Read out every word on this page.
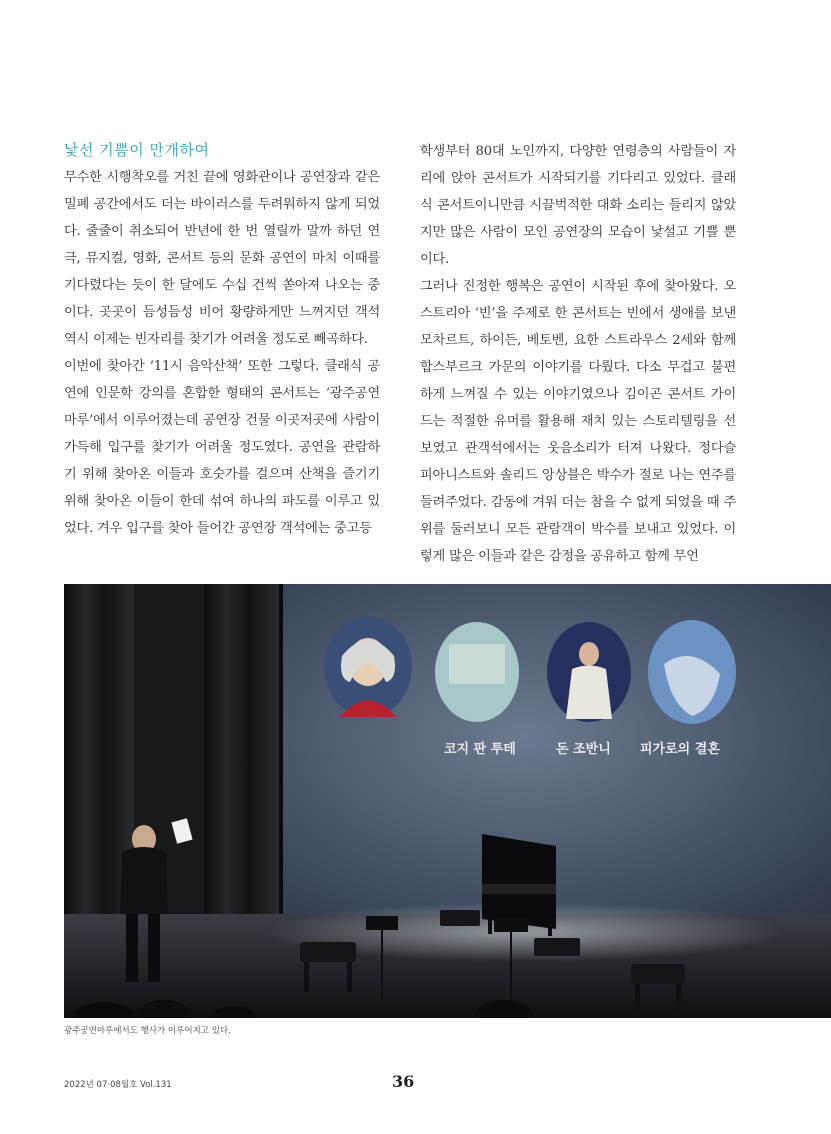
낯선 기쁨이 만개하여

무수한 시행착오를 거친 끝에 영화관이나 공연장과 같은 밀폐 공간에서도 더는 바이러스를 두려워하지 않게 되었다. 줄줄이 취소되어 반년에 한 번 열릴까 말까 하던 연극, 뮤지컬, 영화, 콘서트 등의 문화 공연이 마치 이때를 기다렸다는 듯이 한 달에도 수십 건씩 쏟아져 나오는 중이다. 곳곳이 듬성듬성 비어 황량하게만 느껴지던 객석 역시 이제는 빈자리를 찾기가 어려울 정도로 빼곡하다.

이번에 찾아간 ‘11시 음악산책’ 또한 그렇다. 클래식 공연에 인문학 강의를 혼합한 형태의 콘서트는 ‘광주공연마루’에서 이루어졌는데 공연장 건물 이곳저곳에 사람이 가득해 입구를 찾기가 어려울 정도였다. 공연을 관람하기 위해 찾아온 이들과 호숫가를 걸으며 산책을 즐기기 위해 찾아온 이들이 한데 섞여 하나의 파도를 이루고 있었다. 겨우 입구를 찾아 들어간 공연장 객석에는 중고등

학생부터 80대 노인까지, 다양한 연령층의 사람들이 자리에 앉아 콘서트가 시작되기를 기다리고 있었다. 클래식 콘서트이니만큼 시끌벅적한 대화 소리는 들리지 않았지만 많은 사람이 모인 공연장의 모습이 낯설고 기쁠 뿐이다.

그러나 진정한 행복은 공연이 시작된 후에 찾아왔다. 오스트리아 ‘빈’을 주제로 한 콘서트는 빈에서 생애를 보낸 모차르트, 하이든, 베토벤, 요한 스트라우스 2세와 함께 합스부르크 가문의 이야기를 다뤘다. 다소 무겁고 불편하게 느껴질 수 있는 이야기였으나 김이곤 콘서트 가이드는 적절한 유머를 활용해 재치 있는 스토리텔링을 선보였고 관객석에서는 웃음소리가 터져 나왔다. 정다슬 피아니스트와 솔리드 앙상블은 박수가 절로 나는 연주를 들려주었다. 감동에 겨워 더는 참을 수 없게 되었을 때 주위를 둘러보니 모든 관람객이 박수를 보내고 있었다. 이렇게 많은 이들과 같은 감정을 공유하고 함께 무언

코지 판 투테	돈 조반니 피가로의 결혼
광주공연마루에서도 행사가 이루어지고 있다.
2022년 07·08월호 Vol.131	36
